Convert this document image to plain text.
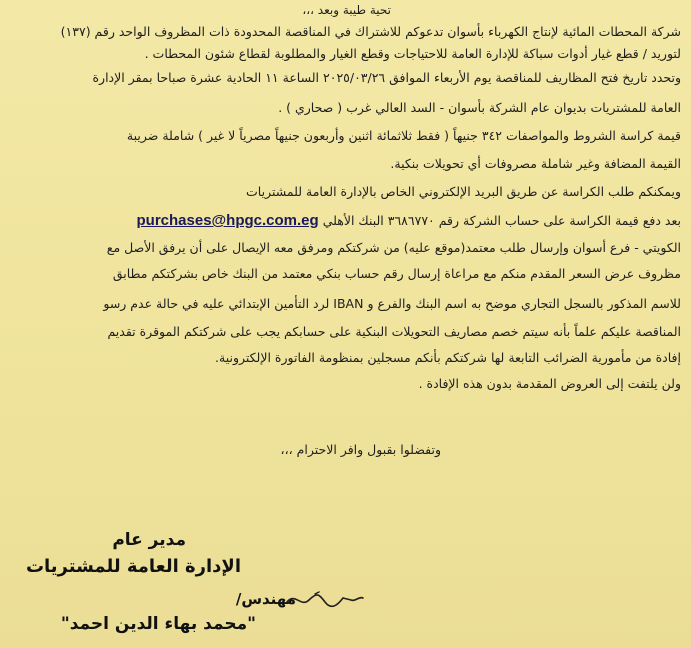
تحية طيبة وبعد ،،،
شركة المحطات المائية لإنتاج الكهرباء بأسوان تدعوكم للاشتراك في المناقصة المحدودة ذات المظروف الواحد رقم (١٣٧)
لتوريد / قطع غيار أدوات سباكة للإدارة العامة للاحتياجات وقطع الغيار والمطلوبة لقطاع شئون المحطات .
وتحدد تاريخ فتح المظاريف للمناقصة يوم الأربعاء الموافق ٢٠٢٥/٠٣/٢٦ الساعة ١١ الحادية عشرة صباحا بمقر الإدارة
العامة للمشتريات بديوان عام الشركة بأسوان - السد العالي غرب ( صحاري ) .
قيمة كراسة الشروط والمواصفات ٣٤٢ جنيهاً ( فقط ثلاثمائة اثنين وأربعون جنيهاً مصرياً لا غير ) شاملة ضريبة
القيمة المضافة وغير شاملة مصروفات أي تحويلات بنكية.
ويمكنكم طلب الكراسة عن طريق البريد الإلكتروني الخاص بالإدارة العامة للمشتريات
بعد دفع قيمة الكراسة على حساب الشركة رقم ٣٦٨٦٧٧٠ البنك الأهلي purchases@hpgc.com.eg
الكويتي - فرع أسوان وإرسال طلب معتمد(موقع عليه) من شركتكم ومرفق معه الإيصال على أن يرفق الأصل مع
مظروف عرض السعر المقدم منكم مع مراعاة إرسال رقم حساب بنكي معتمد من البنك خاص بشركتكم مطابق
للاسم المذكور بالسجل التجاري موضح به اسم البنك والفرع و IBAN لرد التأمين الإبتدائي عليه في حالة عدم رسو
المناقصة عليكم علماً بأنه سيتم خصم مصاريف التحويلات البنكية على حسابكم يجب على شركتكم الموقرة تقديم
إفادة من مأمورية الضرائب التابعة لها شركتكم بأنكم مسجلين بمنظومة الفاتورة الإلكترونية.
ولن يلتفت إلى العروض المقدمة بدون هذه الإفادة .
وتفضلوا بقبول وافر الاحترام ،،،
مدير عام
الإدارة العامة للمشتريات
مهندس/
"محمد بهاء الدين احمد"
